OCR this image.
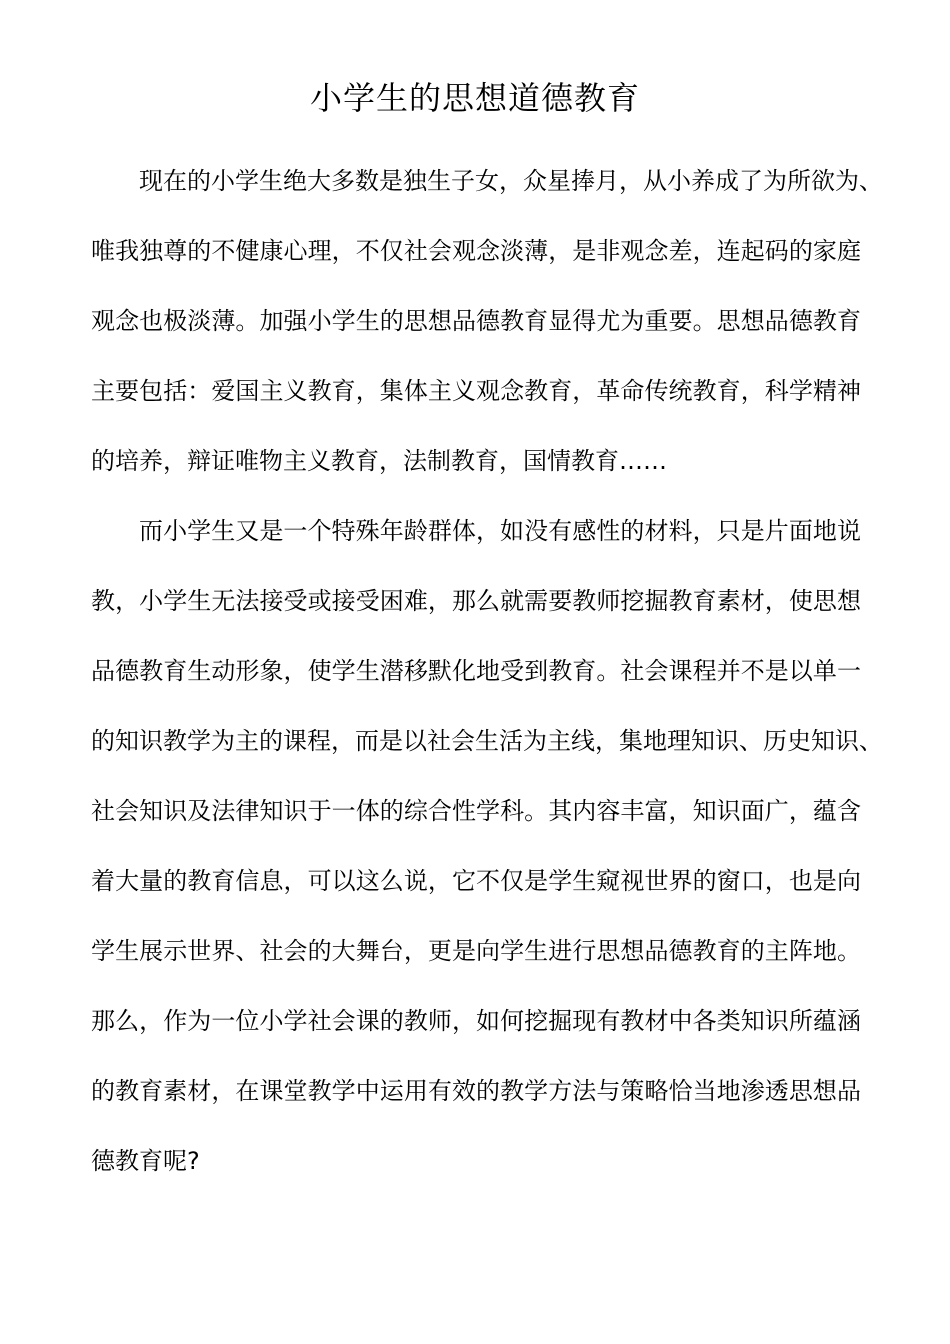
小学生的思想道德教育
现在的小学生绝大多数是独生子女，众星捧月，从小养成了为所欲为、
唯我独尊的不健康心理，不仅社会观念淡薄，是非观念差，连起码的家庭
观念也极淡薄。加强小学生的思想品德教育显得尤为重要。思想品德教育
主要包括：爱国主义教育，集体主义观念教育，革命传统教育，科学精神
的培养，辩证唯物主义教育，法制教育，国情教育……
而小学生又是一个特殊年龄群体，如没有感性的材料，只是片面地说
教，小学生无法接受或接受困难，那么就需要教师挖掘教育素材，使思想
品德教育生动形象，使学生潜移默化地受到教育。社会课程并不是以单一
的知识教学为主的课程，而是以社会生活为主线，集地理知识、历史知识、
社会知识及法律知识于一体的综合性学科。其内容丰富，知识面广，蕴含
着大量的教育信息，可以这么说，它不仅是学生窥视世界的窗口，也是向
学生展示世界、社会的大舞台，更是向学生进行思想品德教育的主阵地。
那么，作为一位小学社会课的教师，如何挖掘现有教材中各类知识所蕴涵
的教育素材，在课堂教学中运用有效的教学方法与策略恰当地渗透思想品
德教育呢?
